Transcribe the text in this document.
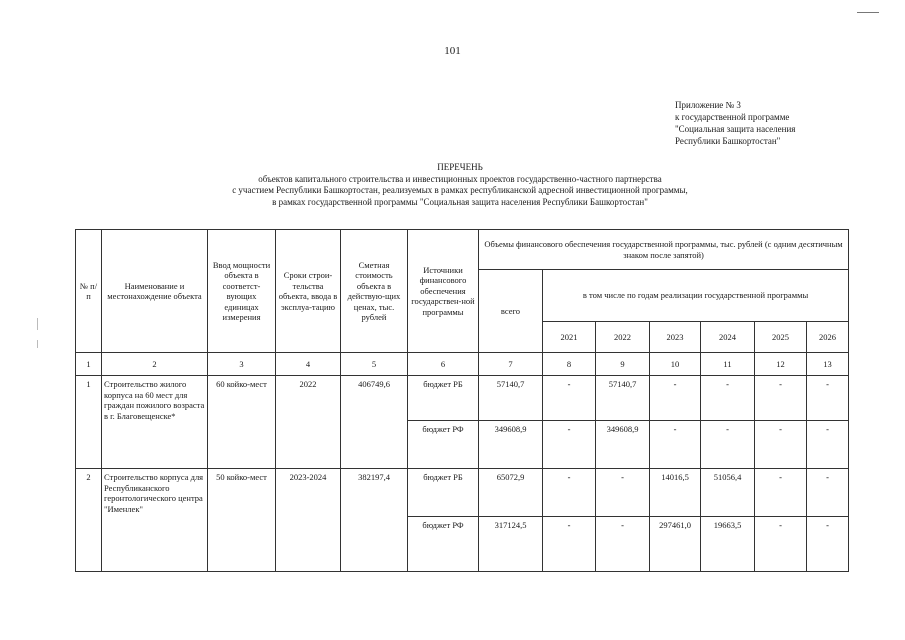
101
Приложение № 3
к государственной программе
"Социальная защита населения
Республики Башкортостан"
ПЕРЕЧЕНЬ
объектов капитального строительства и инвестиционных проектов государственно-частного партнерства
с участием Республики Башкортостан, реализуемых в рамках республиканской адресной инвестиционной программы,
в рамках государственной программы "Социальная защита населения Республики Башкортостан"
№ п/п	Наименование и местонахождение объекта	Ввод мощности объекта в соответст-вующих единицах измерения	Сроки строи-тельства объекта, ввода в эксплуа-тацию	Сметная стоимость объекта в действую-щих ценах, тыс. рублей	Источники финансового обеспечения государствен-ной программы	Объемы финансового обеспечения государственной программы, тыс. рублей (с одним десятичным знаком после запятой)						
						всего	в том числе по годам реализации государственной программы					
							2021	2022	2023	2024	2025	2026
1	2	3	4	5	6	7	8	9	10	11	12	13
1	Строительство жилого корпуса на 60 мест для граждан пожилого возраста в г. Благовещенске*	60 койко-мест	2022	406749,6	бюджет РБ	57140,7	-	57140,7	-	-	-	-
					бюджет РФ	349608,9	-	349608,9	-	-	-	-
2	Строительство корпуса для Республиканского геронтологического центра "Именлек"	50 койко-мест	2023-2024	382197,4	бюджет РБ	65072,9	-	-	14016,5	51056,4	-	-
					бюджет РФ	317124,5	-	-	297461,0	19663,5	-	-
